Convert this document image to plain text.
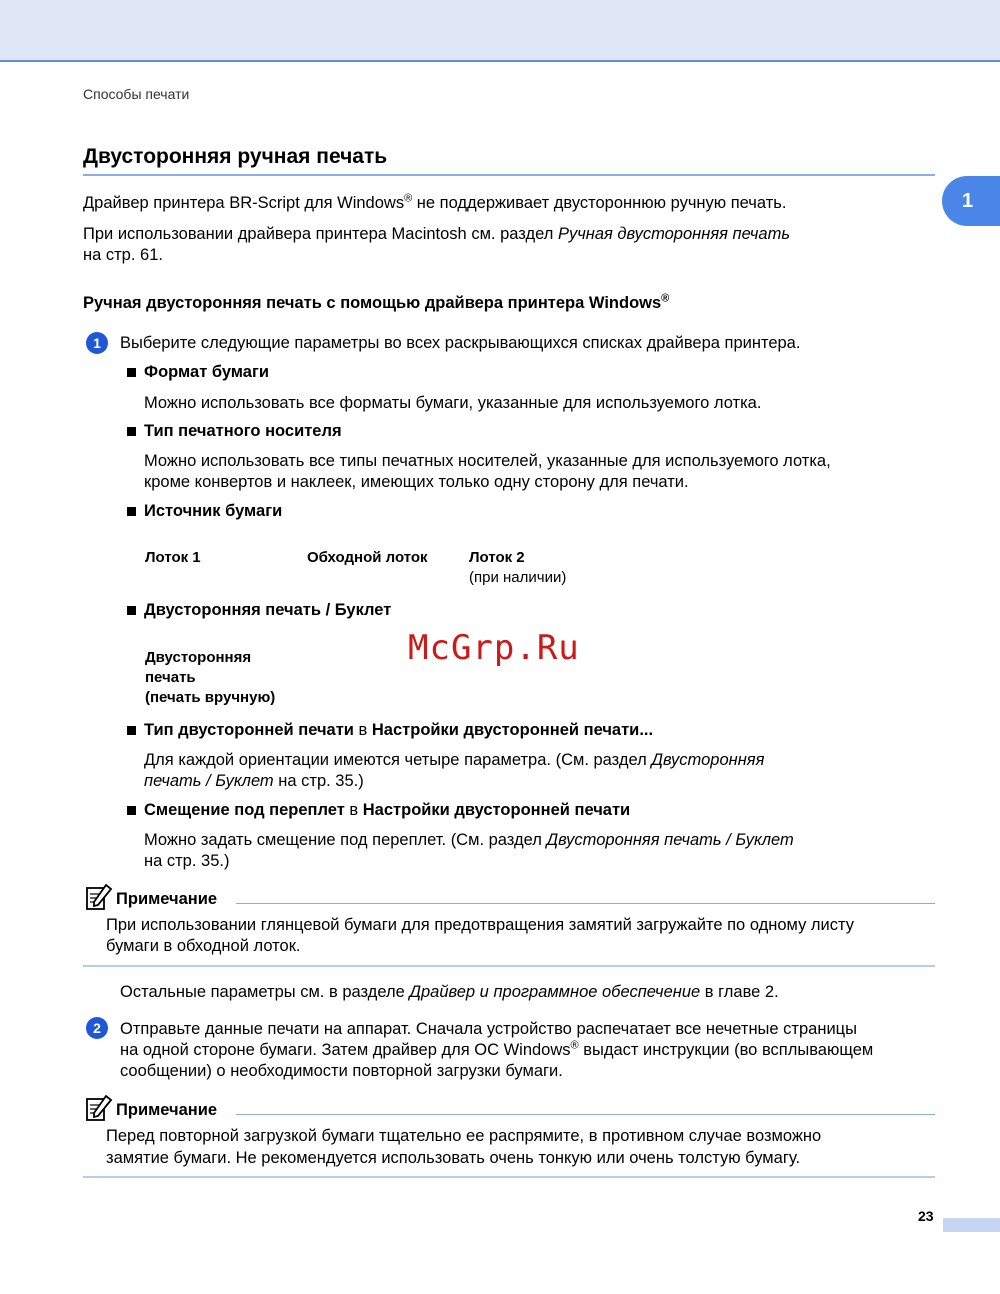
Способы печати
Двусторонняя ручная печать
1
Драйвер принтера BR-Script для Windows® не поддерживает двустороннюю ручную печать.
При использовании драйвера принтера Macintosh см. раздел Ручная двусторонняя печать
на стр. 61.
Ручная двусторонняя печать с помощью драйвера принтера Windows®
1	Выберите следующие параметры во всех раскрывающихся списках драйвера принтера.
Формат бумаги
Можно использовать все форматы бумаги, указанные для используемого лотка.
Тип печатного носителя
Можно использовать все типы печатных носителей, указанные для используемого лотка,
кроме конвертов и наклеек, имеющих только одну сторону для печати.
Источник бумаги
Лоток 1	Обходной лоток	Лоток 2
(при наличии)
Двусторонняя печать / Буклет
Двусторонняя
печать
(печать вручную)
McGrp.Ru
Тип двусторонней печати в Настройки двусторонней печати...
Для каждой ориентации имеются четыре параметра. (См. раздел Двусторонняя
печать / Буклет на стр. 35.)
Смещение под переплет в Настройки двусторонней печати
Можно задать смещение под переплет. (См. раздел Двусторонняя печать / Буклет
на стр. 35.)
Примечание
При использовании глянцевой бумаги для предотвращения замятий загружайте по одному листу
бумаги в обходной лоток.
Остальные параметры см. в разделе Драйвер и программное обеспечение в главе 2.
2	Отправьте данные печати на аппарат. Сначала устройство распечатает все нечетные страницы
на одной стороне бумаги. Затем драйвер для ОС Windows® выдаст инструкции (во всплывающем
сообщении) о необходимости повторной загрузки бумаги.
Примечание
Перед повторной загрузкой бумаги тщательно ее распрямите, в противном случае возможно
замятие бумаги. Не рекомендуется использовать очень тонкую или очень толстую бумагу.
23
